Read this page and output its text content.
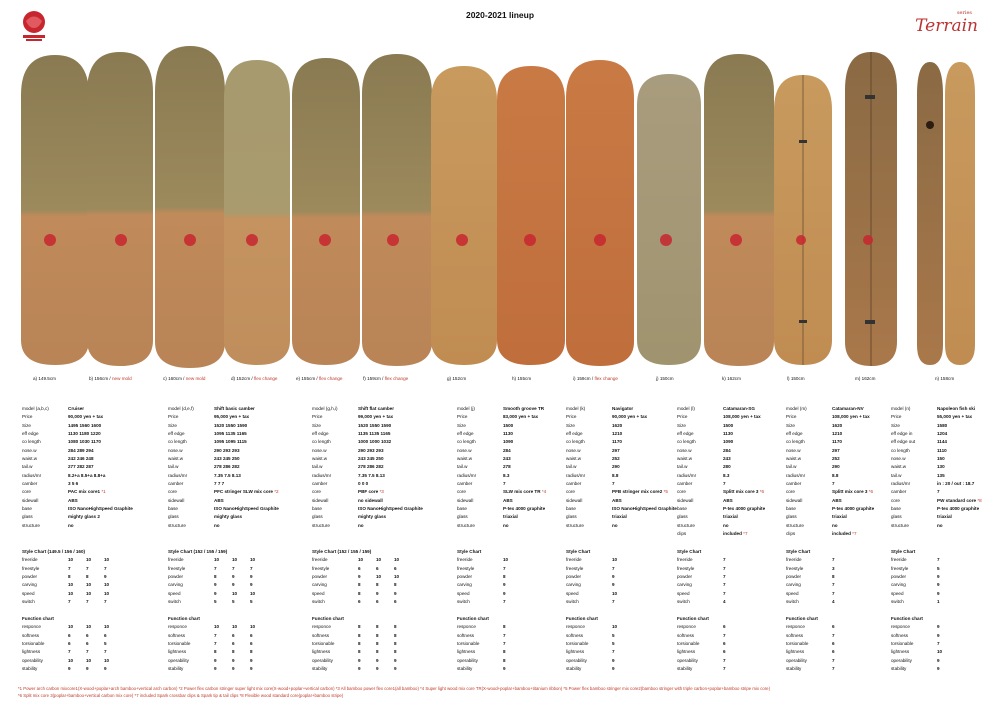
2020-2021 lineup	series
Terrain
a) 149.5cm	b) 156cm / new mold	c) 160cm / new mold	d) 152cm / flex change	e) 155cm / flex change	f) 159cm / flex change	g) 152cm	h) 155cm	i) 159cm / flex change	j) 150cm	k) 162cm	l) 150cm	m) 162cm	n) 158cm
model (a,b,c)	Cruiser
Price	90,000 yen + tax
Size	1495 1560 1600
eff edge	1130 1180 1220
co length	1080 1030 1170
nose.w	284 289 294
waist.w	242 246 248
tail.w	277 282 287
radius/mr	8.2+a 8.5+a 8.8+a
camber	3 5 6
core	PAC mix core1 *1
sidewall	ABS
base	ISO NanoHighSpeed Graphite
glass	mighty glass 2
structure	no
Style Chart (149.5 / 156 / 160)
freeride	10	10	10
freestyle	7	7	7
powder	8	8	9
carving	10	10	10
speed	10	10	10
switch	7	7	7
Function chart
responce	10	10	10
softness	6	6	6
torsionable	6	6	5
lightness	7	7	7
operability	10	10	10
stability	9	9	9
model (d,e,f)	Shift basic camber
Price	95,000 yen + tax
Size	1520 1550 1590
eff edge	1095 1135 1165
co length	1095 1095 1115
nose.w	290 293 293
waist.w	243 245 250
tail.w	278 286 282
radius/mr	7.35 7.5 8.13
camber	7 7 7
core	PFC stringer SLW mix core *2
sidewall	ABS
base	ISO NanoHighSpeed Graphite
glass	mighty glass
structure	no
Style Chart (152 / 155 / 159)
freeride	10	10	10
freestyle	7	7	7
powder	8	9	9
carving	9	9	9
speed	9	10	10
switch	5	5	5
Function chart
responce	10	10	10
softness	7	6	6
torsionable	7	6	6
lightness	8	8	8
operability	9	9	9
stability	9	9	9
model (g,h,i)	Shift flat camber
Price	99,000 yen + tax
Size	1520 1550 1590
eff edge	1135 1135 1165
co length	1000 1000 1032
nose.w	290 293 293
waist.w	243 245 250
tail.w	278 286 282
radius/mr	7.35 7.5 8.13
camber	0 0 0
core	PBF core *3
sidewall	no sidewall
base	ISO NanoHighSpeed Graphite
glass	mighty glass
structure	no
Style Chart (152 / 155 / 159)
freeride	10	10	10
freestyle	6	6	6
powder	9	10	10
carving	8	8	8
speed	8	9	9
switch	6	6	6
Function chart
responce	8	8	8
softness	8	8	8
torsionable	8	8	8
lightness	8	8	8
operability	9	9	9
stability	9	9	9
model (j)	Smooth groove TR
Price	83,000 yen + tax
Size	1500
eff edge	1130
co length	1090
nose.w	284
waist.w	243
tail.w	278
radius/mr	8.3
camber	7
core	SLW mix core TR *4
sidewall	ABS
base	P-tex 4000 graphite
glass	triaxial
structure	no
Style Chart
freeride	10
freestyle	7
powder	8
carving	9
speed	9
switch	7
Function chart
responce	8
softness	7
torsionable	7
lightness	8
operability	8
stability	9
model (k)	Navigator
Price	90,000 yen + tax
Size	1620
eff edge	1210
co length	1170
nose.w	297
waist.w	252
tail.w	290
radius/mr	8.8
camber	7
core	PFB stringer mix core2 *5
sidewall	ABS
base	ISO NanoHighSpeed Graphite
glass	triaxial
structure	no
Style Chart
freeride	10
freestyle	7
powder	9
carving	9
speed	10
switch	7
Function chart
responce	10
softness	5
torsionable	5
lightness	7
operability	9
stability	9
model (l)	Catamaran-SG
Price	108,000 yen + tax
Size	1500
eff edge	1130
co length	1090
nose.w	284
waist.w	243
tail.w	280
radius/mr	8.3
camber	7
core	Splitt mix core 3 *6
sidewall	ABS
base	P-tex 4000 graphite
glass	triaxial
structure	no
clips	included *7
Style Chart
freeride	7
freestyle	7
powder	7
carving	7
speed	7
switch	4
Function chart
responce	6
softness	7
torsionable	6
lightness	6
operability	7
stability	7
model (m)	Catamaran-NV
Price	108,000 yen + tax
Size	1620
eff edge	1210
co length	1170
nose.w	297
waist.w	252
tail.w	290
radius/mr	8.8
camber	7
core	Splitt mix core 3 *6
sidewall	ABS
base	P-tex 4000 graphite
glass	triaxial
structure	no
clips	included *7
Style Chart
freeride	7
freestyle	3
powder	8
carving	7
speed	7
switch	4
Function chart
responce	6
softness	7
torsionable	6
lightness	6
operability	7
stability	7
model (n)	Napoleon fish ski
Price	55,000 yen + tax
Size	1580
eff edge in	1204
eff edge out	1144
co length	1110
nose.w	150
waist.w	130
tail.w	135
radius/mr	in : 20 / out : 18.7
camber	7
core	PW standard core *8
base	P-tex 4000 graphite
glass	triaxial
structure	no
Style Chart
freeride	7
freestyle	5
powder	9
carving	9
speed	9
switch	1
Function chart
responce	9
softness	9
torsionable	7
lightness	10
operability	9
stability	9
*1 Power arch carbon mixcore1(X-wood+poplar+arch bamboo+vertical arch carbon) *2 Power flex carbon stringer super light mix core(X-wood+poplar+vertical carbon) *3 All bamboo power flex core1(all bamboo) *4 Super light wood mix core TR(X-wood+poplar+bamboo+titanium ribbon) *5 Power flex bamboo stringer mix core2(bamboo stringer with triple carbon+poplar+bamboo stripe mix core)
*6 Split mix core 3(poplar+bamboo+vertical carbon mix core) *7 included Spark crossbar clips & Spark tip & tail clips *8 Flexible wood standard core(poplar+bamboo stripe)
